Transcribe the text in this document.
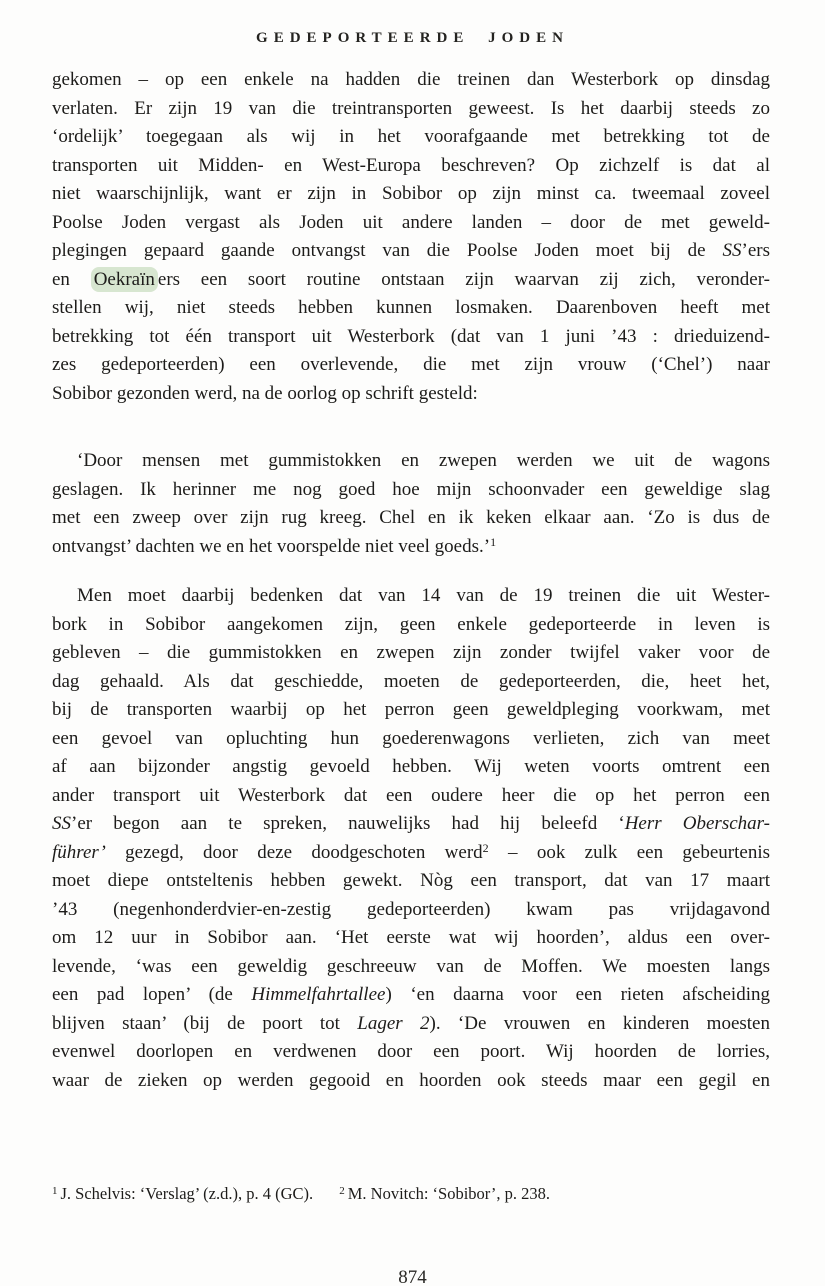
GEDEPORTEERDE JODEN
gekomen – op een enkele na hadden die treinen dan Westerbork op dinsdag
verlaten. Er zijn 19 van die treintransporten geweest. Is het daarbij steeds zo
‘ordelijk’ toegegaan als wij in het voorafgaande met betrekking tot de
transporten uit Midden- en West-Europa beschreven? Op zichzelf is dat al
niet waarschijnlijk, want er zijn in Sobibor op zijn minst ca. tweemaal zoveel
Poolse Joden vergast als Joden uit andere landen – door de met geweld-
plegingen gepaard gaande ontvangst van die Poolse Joden moet bij de SS’ers
en Oekraïn ers een soort routine ontstaan zijn waarvan zij zich, veronder-
stellen wij, niet steeds hebben kunnen losmaken. Daarenboven heeft met
betrekking tot één transport uit Westerbork (dat van 1 juni ’43 : drieduizend-
zes gedeporteerden) een overlevende, die met zijn vrouw (‘Chel’) naar
Sobibor gezonden werd, na de oorlog op schrift gesteld:
‘Door mensen met gummistokken en zwepen werden we uit de wagons
geslagen. Ik herinner me nog goed hoe mijn schoonvader een geweldige slag
met een zweep over zijn rug kreeg. Chel en ik keken elkaar aan. ‘Zo is dus de
ontvangst’ dachten we en het voorspelde niet veel goeds.’$^1$
Men moet daarbij bedenken dat van 14 van de 19 treinen die uit Wester-
bork in Sobibor aangekomen zijn, geen enkele gedeporteerde in leven is
gebleven – die gummistokken en zwepen zijn zonder twijfel vaker voor de
dag gehaald. Als dat geschiedde, moeten de gedeporteerden, die, heet het,
bij de transporten waarbij op het perron geen geweldpleging voorkwam, met
een gevoel van opluchting hun goederenwagons verlieten, zich van meet
af aan bijzonder angstig gevoeld hebben. Wij weten voorts omtrent een
ander transport uit Westerbork dat een oudere heer die op het perron een
SS’er begon aan te spreken, nauwelijks had hij beleefd ‘Herr Oberschar-
führer’ gezegd, door deze doodgeschoten werd$^2$ – ook zulk een gebeurtenis
moet diepe ontsteltenis hebben gewekt. Nòg een transport, dat van 17 maart
’43 (negenhonderdvier-en-zestig gedeporteerden) kwam pas vrijdagavond
om 12 uur in Sobibor aan. ‘Het eerste wat wij hoorden’, aldus een over-
levende, ‘was een geweldig geschreeuw van de Moffen. We moesten langs
een pad lopen’ (de Himmelfahrtallee) ‘en daarna voor een rieten afscheiding
blijven staan’ (bij de poort tot Lager 2). ‘De vrouwen en kinderen moesten
evenwel doorlopen en verdwenen door een poort. Wij hoorden de lorries,
waar de zieken op werden gegooid en hoorden ook steeds maar een gegil en
$^1$ J. Schelvis: ‘Verslag’ (z.d.), p. 4 (GC). $^2$ M. Novitch: ‘Sobibor’, p. 238.
874
